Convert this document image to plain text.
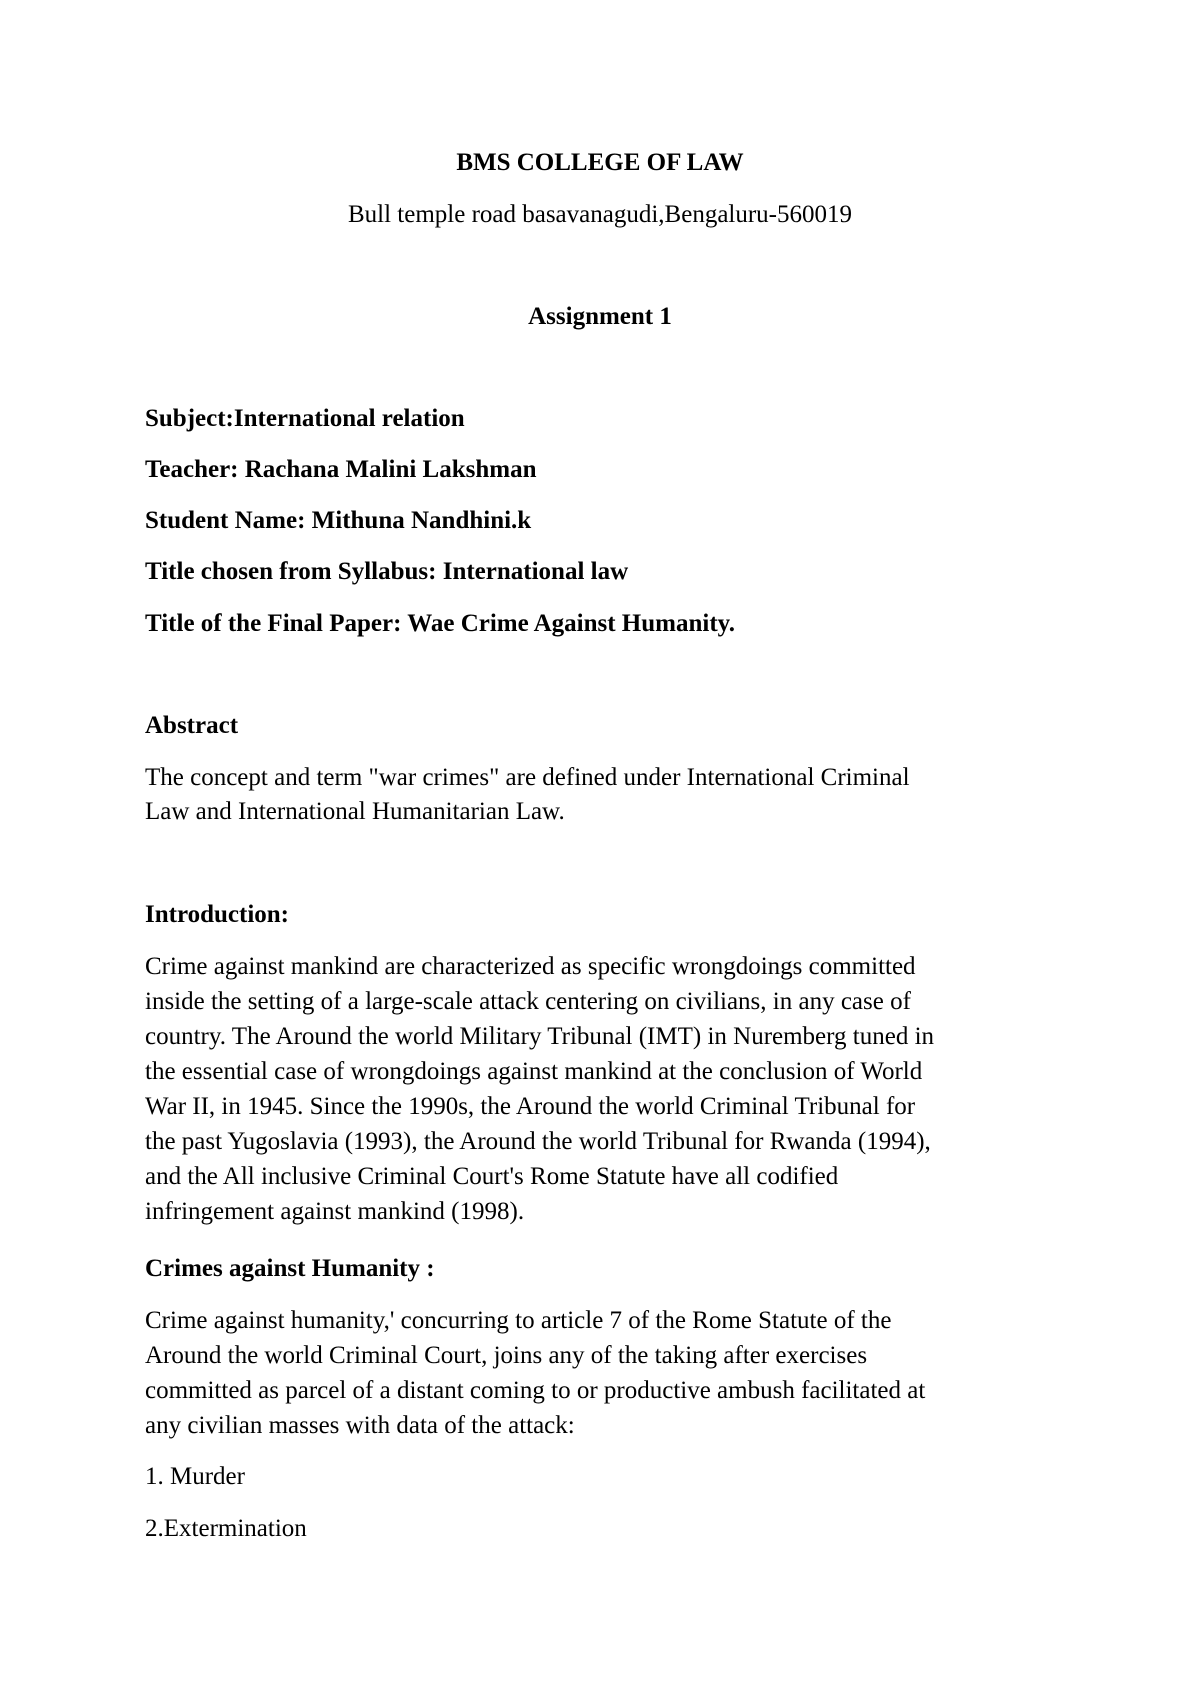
BMS COLLEGE OF LAW

Bull temple road basavanagudi,Bengaluru-560019

Assignment 1

Subject:International relation

Teacher: Rachana Malini Lakshman

Student Name: Mithuna Nandhini.k

Title chosen from Syllabus: International law

Title of the Final Paper: Wae Crime Against Humanity.

Abstract

The concept and term "war crimes" are defined under International Criminal

Law and International Humanitarian Law.

Introduction:

Crime against mankind are characterized as specific wrongdoings committed

inside the setting of a large-scale attack centering on civilians, in any case of

country. The Around the world Military Tribunal (IMT) in Nuremberg tuned in

the essential case of wrongdoings against mankind at the conclusion of World

War II, in 1945. Since the 1990s, the Around the world Criminal Tribunal for

the past Yugoslavia (1993), the Around the world Tribunal for Rwanda (1994),

and the All inclusive Criminal Court's Rome Statute have all codified

infringement against mankind (1998).

Crimes against Humanity :

Crime against humanity,' concurring to article 7 of the Rome Statute of the

Around the world Criminal Court, joins any of the taking after exercises

committed as parcel of a distant coming to or productive ambush facilitated at

any civilian masses with data of the attack:

1. Murder

2.Extermination
